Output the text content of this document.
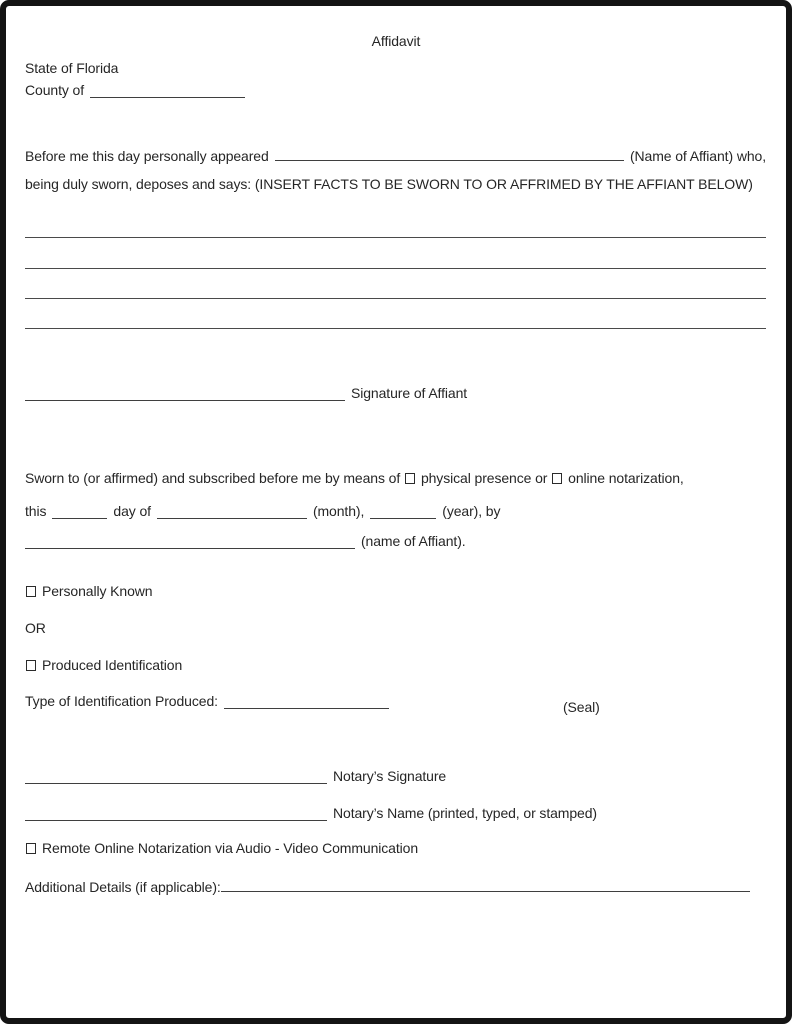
Affidavit
State of Florida
County of
Before me this day personally appeared	(Name of Affiant) who,
being duly sworn, deposes and says: (INSERT FACTS TO BE SWORN TO OR AFFRIMED BY THE AFFIANT BELOW)
Signature of Affiant
Sworn to (or affirmed) and subscribed before me by means of physical presence or online notarization,
this	day of	(month),	(year), by
(name of Affiant).
Personally Known
OR
Produced Identification
Type of Identification Produced:	(Seal)
Notary’s Signature
Notary’s Name (printed, typed, or stamped)
Remote Online Notarization via Audio - Video Communication
Additional Details (if applicable):
